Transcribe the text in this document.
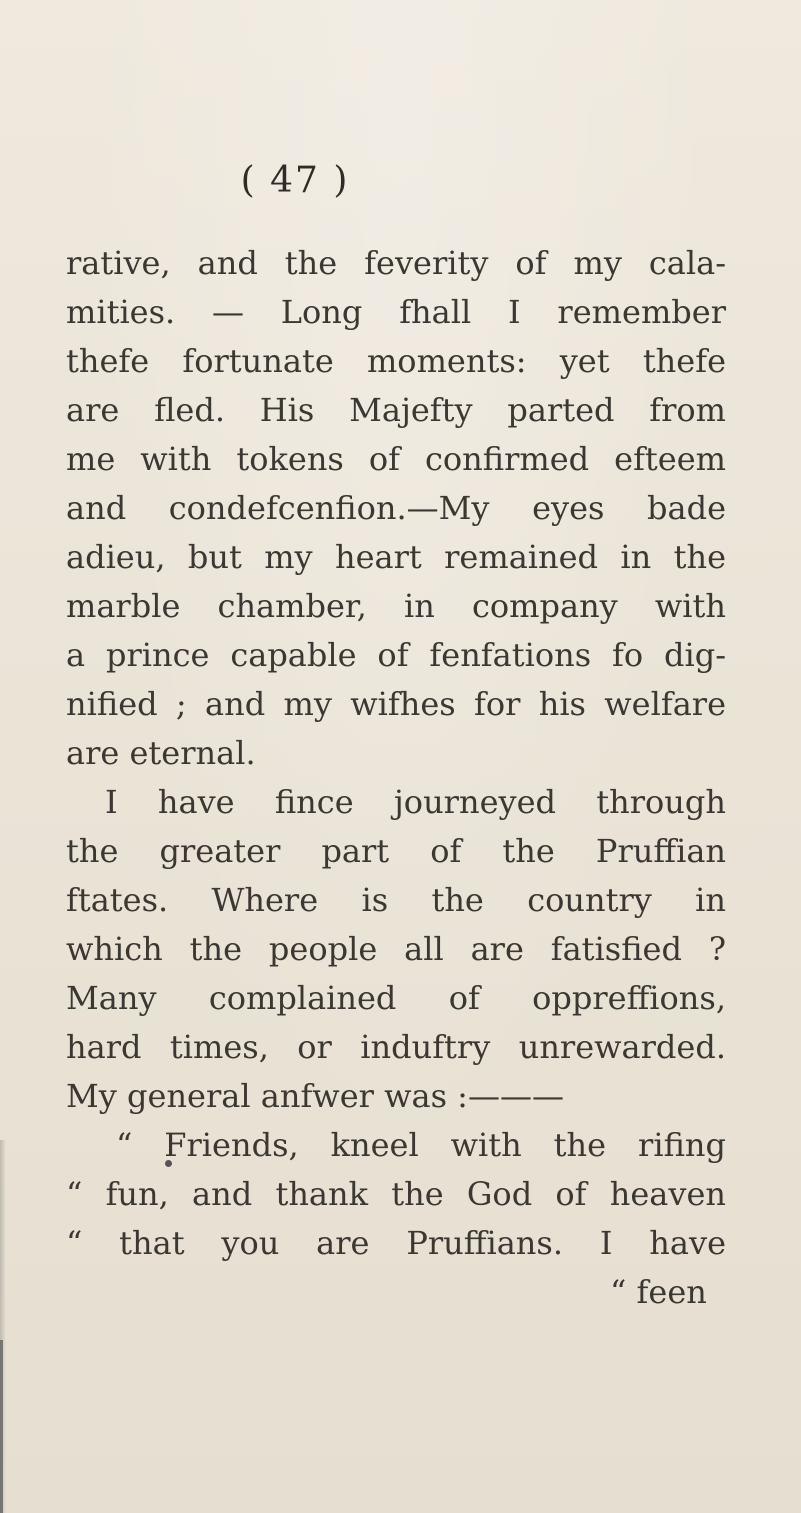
( 47 )
rative, and the feverity of my cala-
mities. — Long fhall I remember
thefe fortunate moments: yet thefe
are fled. His Majefty parted from
me with tokens of confirmed efteem
and condefcenfion.—My eyes bade
adieu, but my heart remained in the
marble chamber, in company with
a prince capable of fenfations fo dig-
nified ; and my wifhes for his welfare
are eternal.
I have fince journeyed through
the greater part of the Pruffian
ftates. Where is the country in
which the people all are fatisfied ?
Many complained of oppreffions,
hard times, or induftry unrewarded.
My general anfwer was :———
“ Friends, kneel with the rifing
“ fun, and thank the God of heaven
“ that you are Pruffians. I have
“ feen
